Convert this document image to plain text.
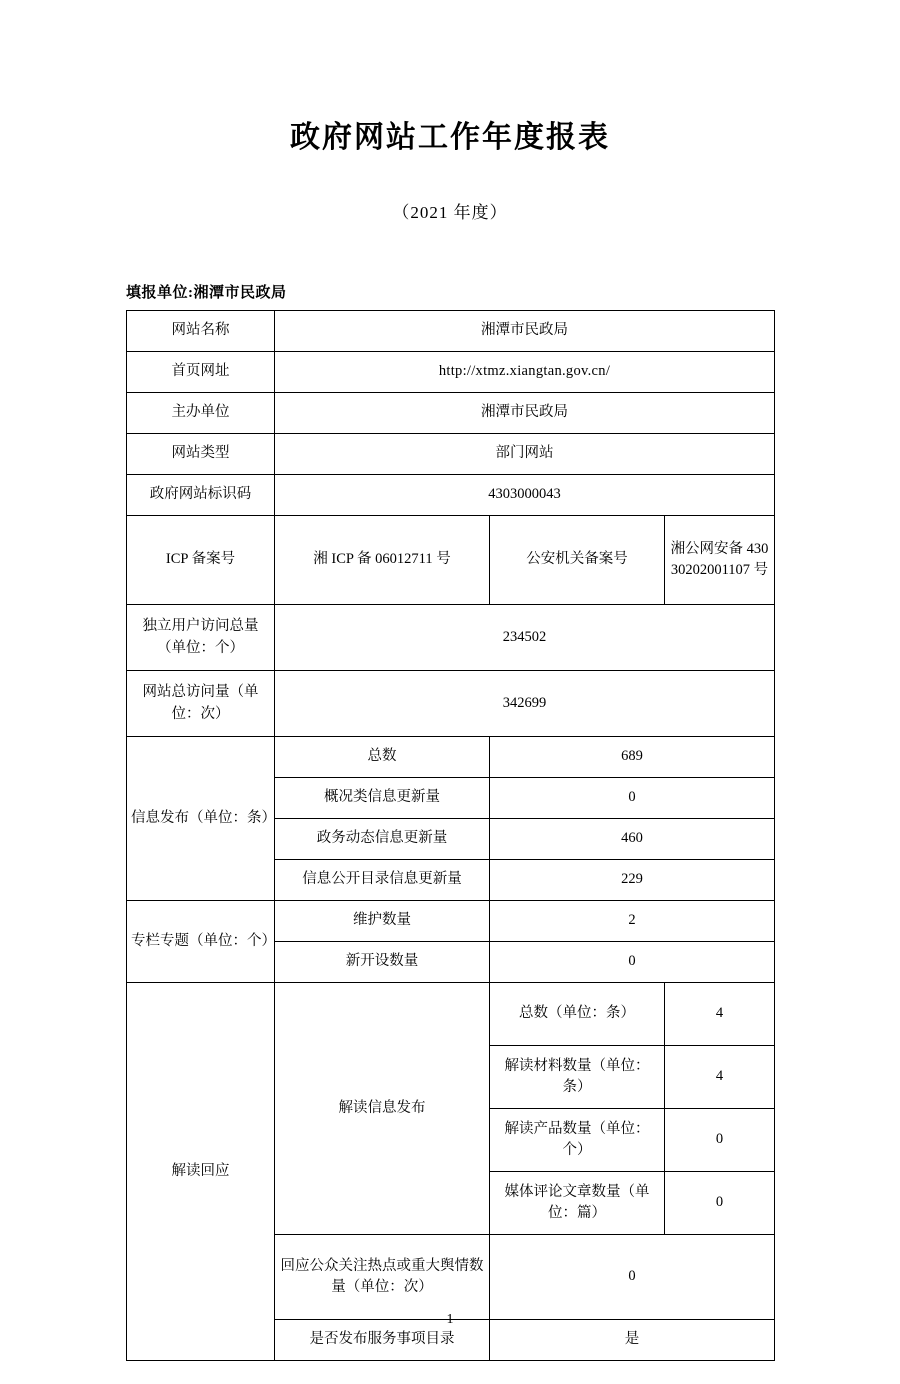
政府网站工作年度报表
（2021 年度）
填报单位:湘潭市民政局
网站名称	湘潭市民政局		
首页网址	http://xtmz.xiangtan.gov.cn/		
主办单位	湘潭市民政局		
网站类型	部门网站		
政府网站标识码	4303000043		
ICP 备案号	湘 ICP 备 06012711 号	公安机关备案号	湘公网安备 43030202001107 号
独立用户访问总量（单位：个）	234502		
网站总访问量（单位：次）	342699		
信息发布（单位：条）	总数	689	
	概况类信息更新量	0	
	政务动态信息更新量	460	
	信息公开目录信息更新量	229	
专栏专题（单位：个）	维护数量	2	
	新开设数量	0	
解读回应	解读信息发布	总数（单位：条）	4
		解读材料数量（单位：条）	4
		解读产品数量（单位：个）	0
		媒体评论文章数量（单位：篇）	0
	回应公众关注热点或重大舆情数量（单位：次）	0	
	是否发布服务事项目录	是	
1
